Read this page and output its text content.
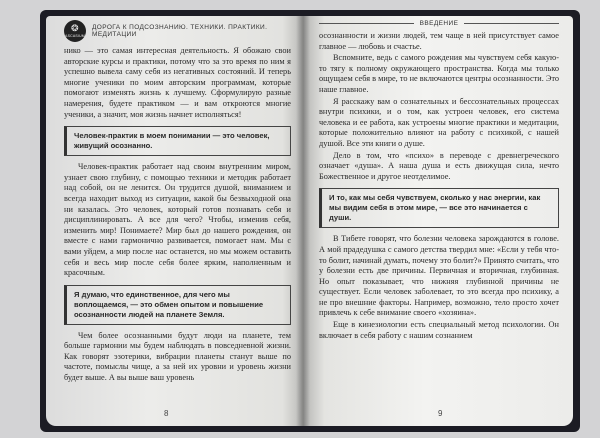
❂
ASCASIUM
ДОРОГА К ПОДСОЗНАНИЮ. ТЕХНИКИ. ПРАКТИКИ. МЕДИТАЦИИ

нико — это самая интересная деятельность. Я обожаю свои авторские курсы и практики, потому что за это время по ним я успешно вывела саму себя из негативных состояний. И теперь многие ученики по моим авторским программам, которые помогают изменять жизнь к лучшему. Сформулирую разные намерения, будете практиком — и вам откроются многие ученики, а значит, моя жизнь начнет исполняться!

Человек-практик в моем понимании — это человек, живущий осознанно.

Человек-практик работает над своим внутренним миром, узнает свою глубину, с помощью техники и методик работает над собой, он не ленится. Он трудится душой, вниманием и всегда находит выход из ситуации, какой бы безвыходной она ни казалась. Это человек, который готов познавать себя и дисциплинировать. А все для чего? Чтобы, изменив себя, изменить мир! Понимаете? Мир был до нашего рождения, он вместе с нами гармонично развивается, помогает нам. Мы с вами уйдем, а мир после нас останется, но мы можем оставить себя и весь мир после себя более ярким, наполненным и красочным.

Я думаю, что единственное, для чего мы воплощаемся, — это обмен опытом и повышение осознанности людей на планете Земля.

Чем более осознанными будут люди на планете, тем больше гармонии мы будем наблюдать в повседневной жизни. Как говорят эзотерики, вибрации планеты станут выше по частоте, помыслы чище, а за ней их уровни и уровень жизни будет выше. А вы выше ваш уровень

8
ВВЕДЕНИЕ

осознанности и жизни людей, тем чаще в ней присутствует самое главное — любовь и счастье.

Вспомните, ведь с самого рождения мы чувствуем себя какую-то тягу к полному окружающего пространства. Когда мы только ощущаем себя в мире, то не включаются центры осознанности. Это наше главное.

Я расскажу вам о сознательных и бессознательных процессах внутри психики, и о том, как устроен человек, его система человека и ее работа, как устроены многие практики и медитации, которые положительно влияют на работу с психикой, с нашей душой. Все эти книги о душе.

Дело в том, что «психо» в переводе с древнегреческого означает «душа». А наша душа и есть движущая сила, нечто Божественное и другое неотделимое.

И то, как мы себя чувствуем, сколько у нас энергии, как мы видим себя в этом мире, — все это начинается с души.

В Тибете говорят, что болезни человека зарождаются в голове. А мой прадедушка с самого детства твердил мне: «Если у тебя что-то болит, начинай думать, почему это болит?» Принято считать, что у болезни есть две причины. Первичная и вторичная, глубинная. Но опыт показывает, что нижняя глубинной причины не существует. Если человек заболевает, то это всегда про психику, а не про внешние факторы. Например, возможно, тело просто хочет привлечь к себе внимание своего «хозяина».

Еще в кинезиологии есть специальный метод психологии. Он включает в себя работу с нашим сознанием

9
